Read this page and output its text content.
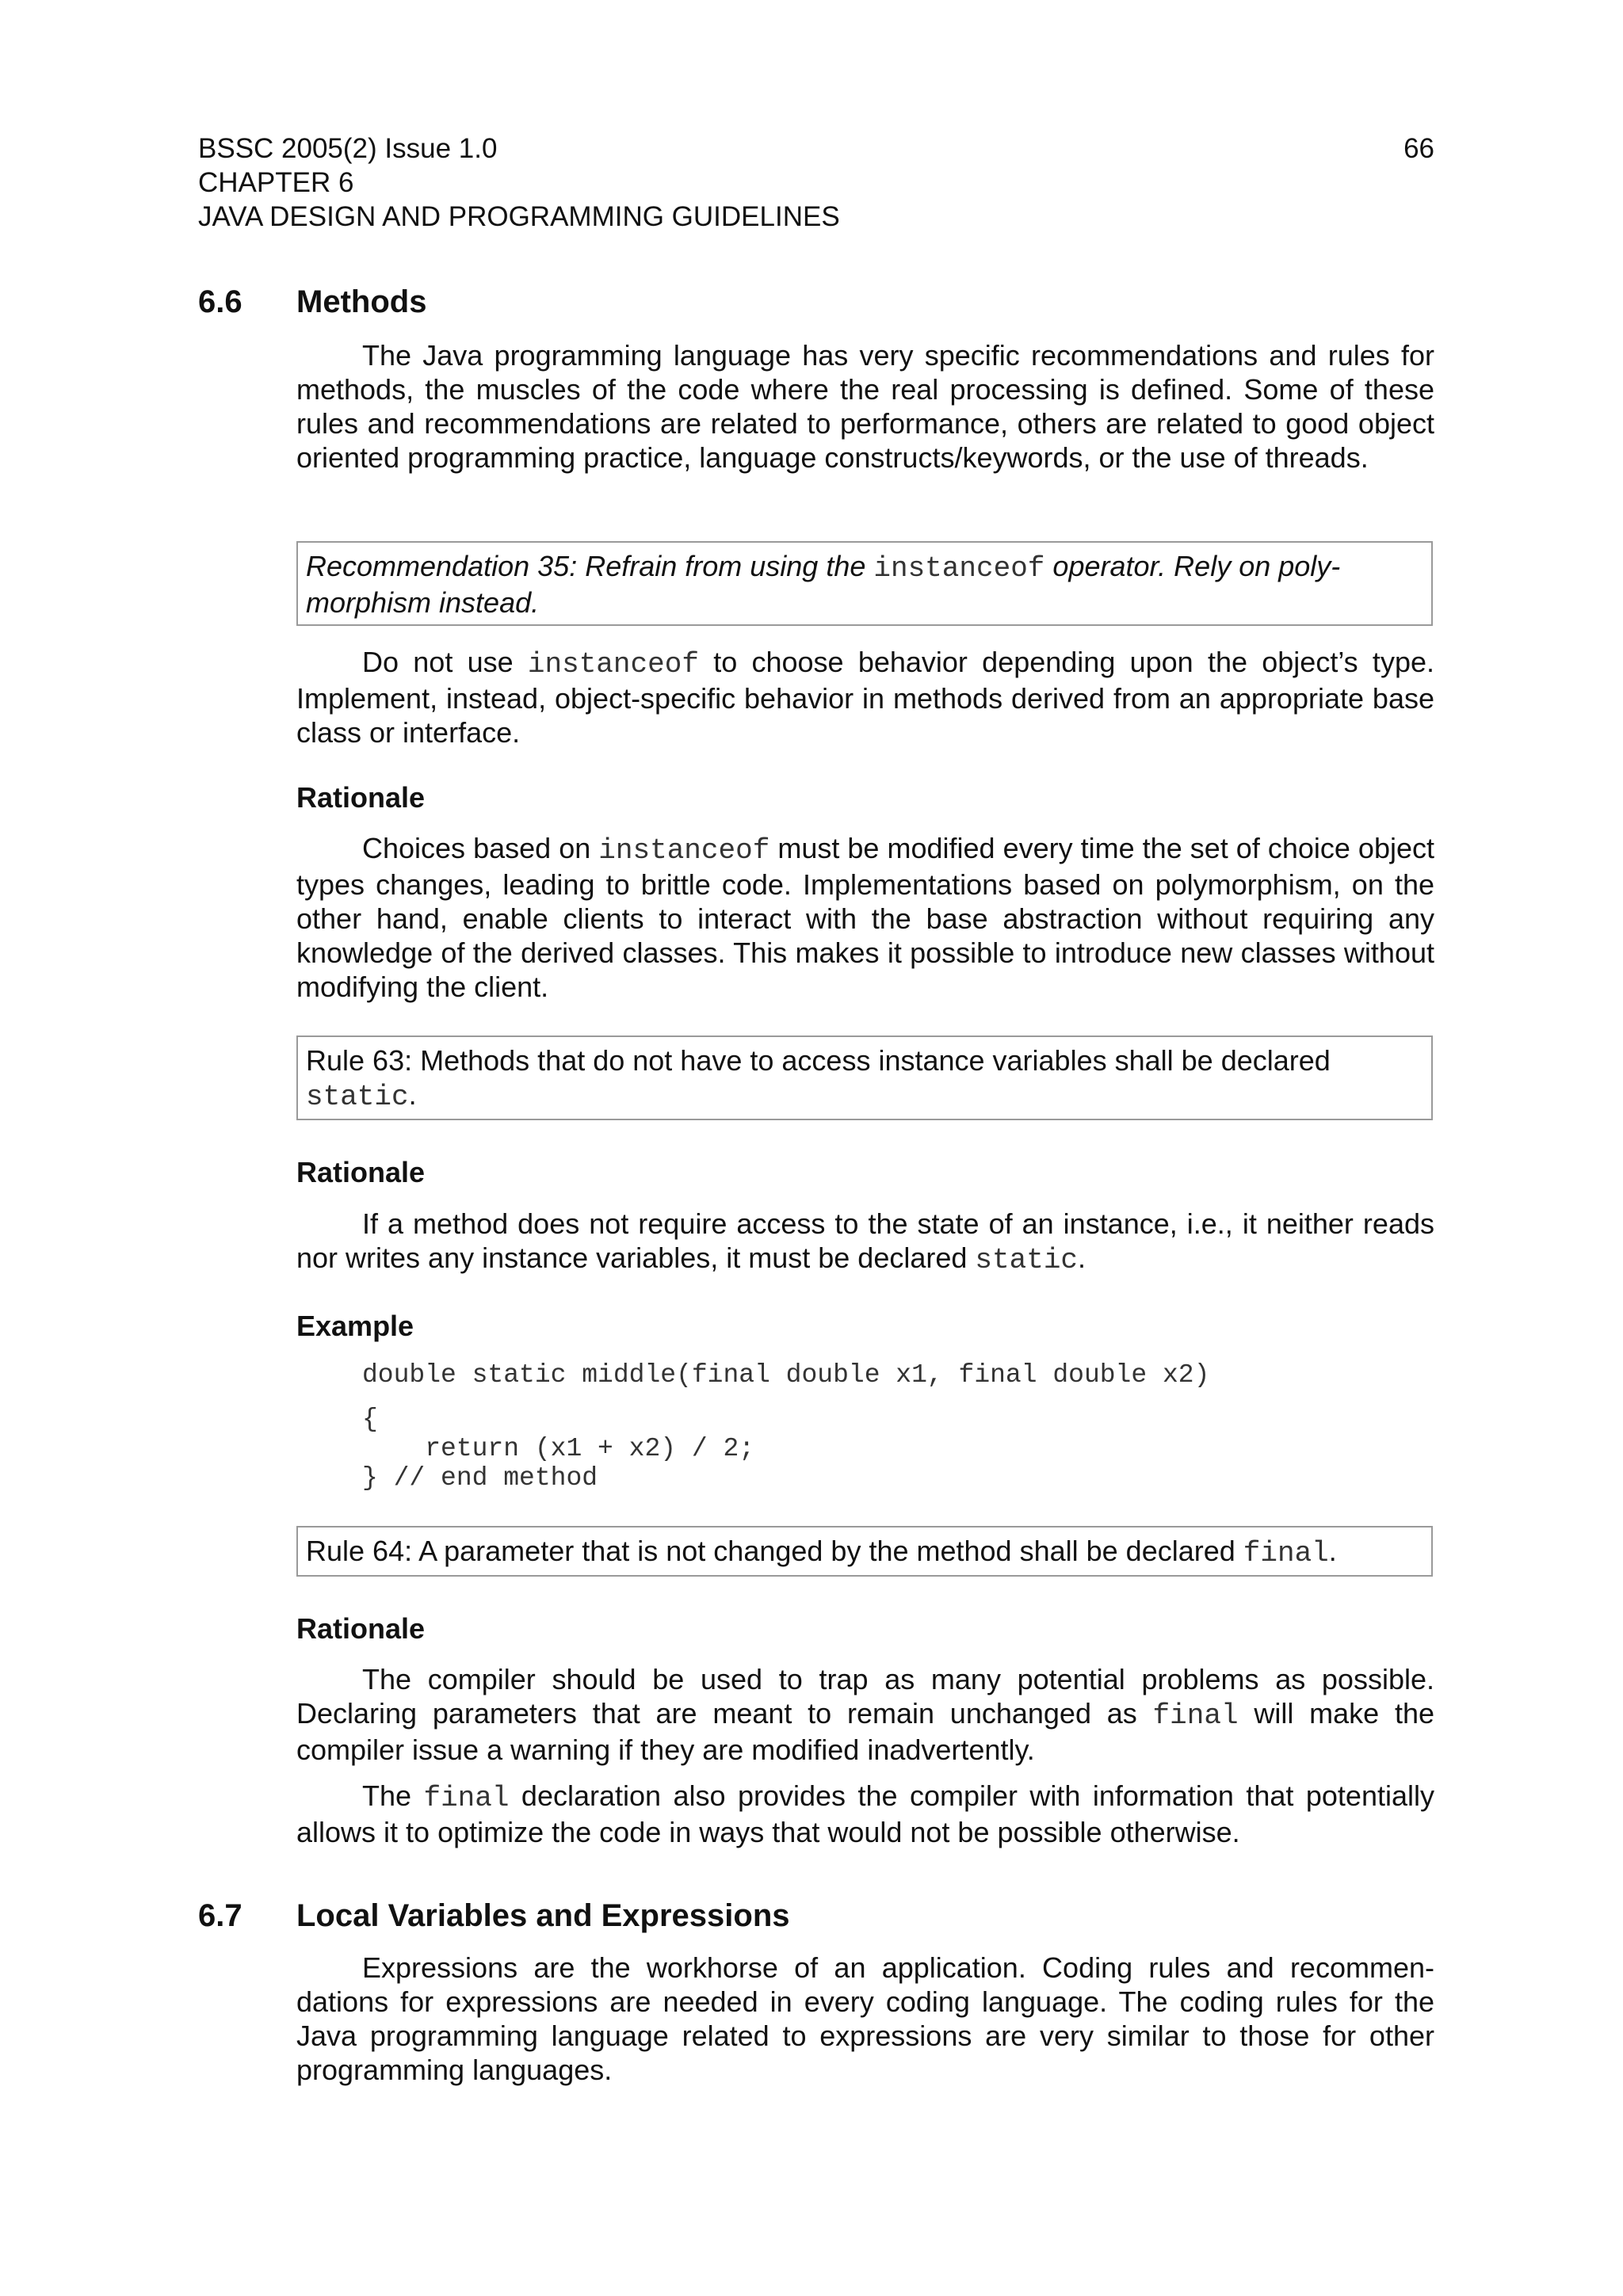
BSSC 2005(2) Issue 1.0
CHAPTER 6
JAVA DESIGN AND PROGRAMMING GUIDELINES
66
6.6 Methods

The Java programming language has very specific recommendations and rules for methods, the muscles of the code where the real processing is defined. Some of these rules and recommendations are related to performance, others are related to good object oriented programming practice, language constructs/keywords, or the use of threads.

Recommendation 35: Refrain from using the instanceof operator. Rely on polymorphism instead.

Do not use instanceof to choose behavior depending upon the object’s type. Implement, instead, object-specific behavior in methods derived from an appropriate base class or interface.

Rationale

Choices based on instanceof must be modified every time the set of choice object types changes, leading to brittle code. Implementations based on polymorphism, on the other hand, enable clients to interact with the base abstraction without requiring any knowledge of the derived classes. This makes it possible to introduce new classes without modifying the client.

Rule 63: Methods that do not have to access instance variables shall be declared static.
Rationale

If a method does not require access to the state of an instance, i.e., it neither reads nor writes any instance variables, it must be declared static.

Example
double static middle(final double x1, final double x2)
{
return (x1 + x2) / 2;
} // end method
Rule 64: A parameter that is not changed by the method shall be declared final.
Rationale

The compiler should be used to trap as many potential problems as possible. Declaring parameters that are meant to remain unchanged as final will make the compiler issue a warning if they are modified inadvertently.

The final declaration also provides the compiler with information that potentially allows it to optimize the code in ways that would not be possible otherwise.

6.7 Local Variables and Expressions

Expressions are the workhorse of an application. Coding rules and recommendations for expressions are needed in every coding language. The coding rules for the Java programming language related to expressions are very similar to those for other programming languages.
